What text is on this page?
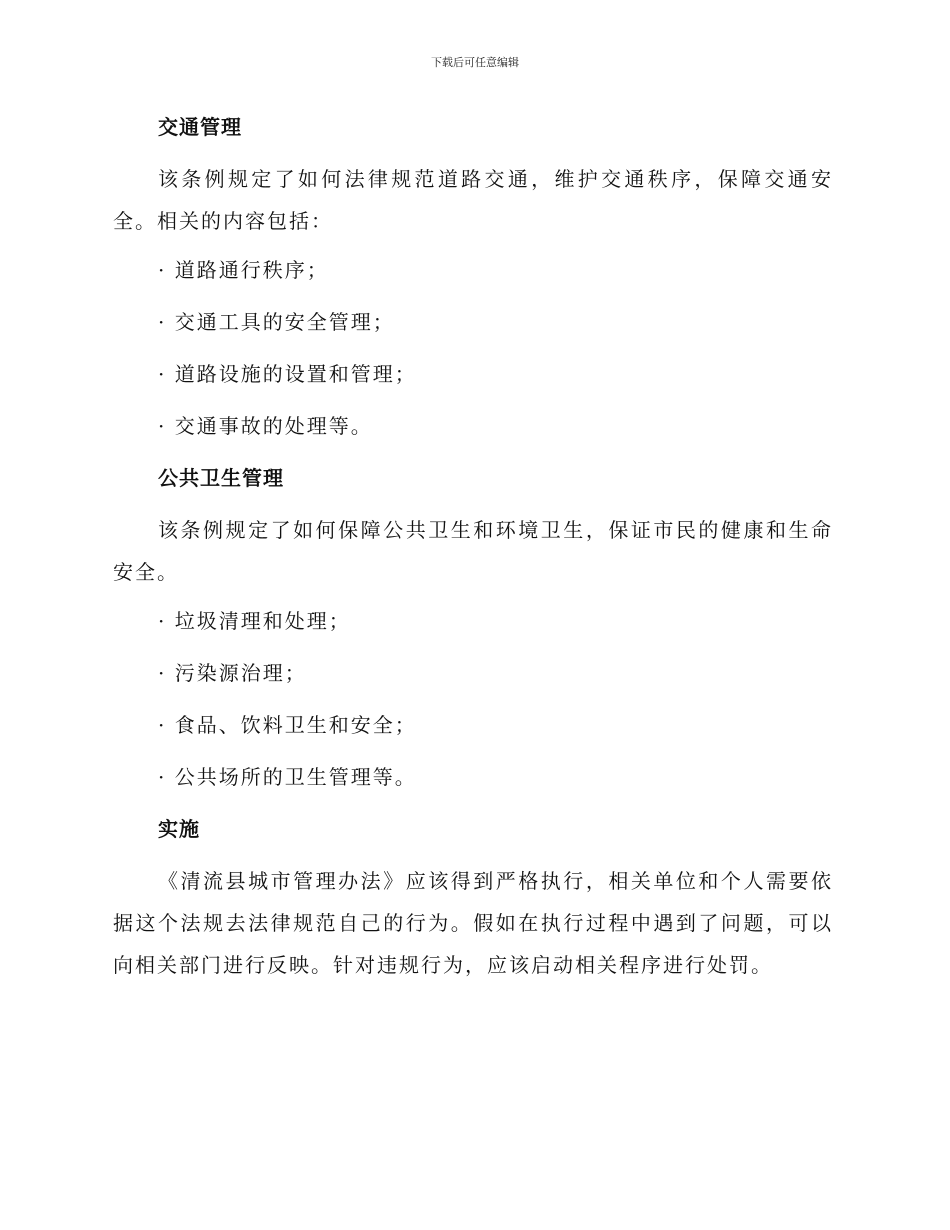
下载后可任意编辑
交通管理

该条例规定了如何法律规范道路交通，维护交通秩序，保障交通安全。相关的内容包括：

· 道路通行秩序；
· 交通工具的安全管理；
· 道路设施的设置和管理；
· 交通事故的处理等。
公共卫生管理

该条例规定了如何保障公共卫生和环境卫生，保证市民的健康和生命安全。

· 垃圾清理和处理；
· 污染源治理；
· 食品、饮料卫生和安全；
· 公共场所的卫生管理等。
实施

《清流县城市管理办法》应该得到严格执行，相关单位和个人需要依据这个法规去法律规范自己的行为。假如在执行过程中遇到了问题，可以向相关部门进行反映。针对违规行为，应该启动相关程序进行处罚。
